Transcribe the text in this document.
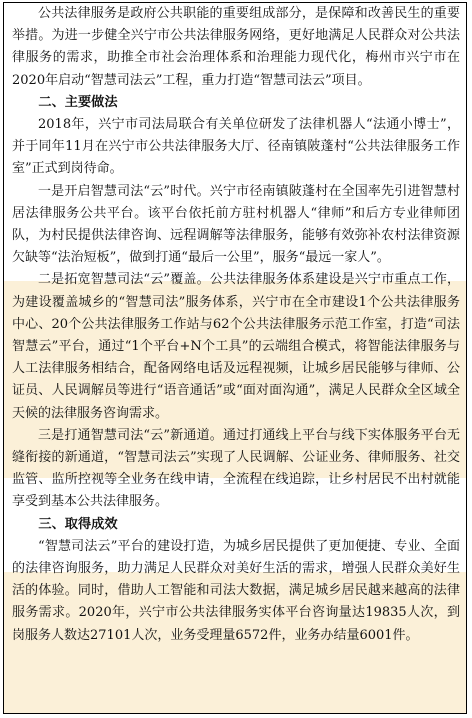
公共法律服务是政府公共职能的重要组成部分，是保障和改善民生的重要举措。为进一步健全兴宁市公共法律服务网络，更好地满足人民群众对公共法律服务的需求，助推全市社会治理体系和治理能力现代化，梅州市兴宁市在2020年启动“智慧司法云”工程，重力打造“智慧司法云”项目。

二、主要做法

2018年，兴宁市司法局联合有关单位研发了法律机器人“法通小博士”，并于同年11月在兴宁市公共法律服务大厅、径南镇陂蓬村“公共法律服务工作室”正式到岗待命。

一是开启智慧司法“云”时代。兴宁市径南镇陂蓬村在全国率先引进智慧村居法律服务公共平台。该平台依托前方驻村机器人“律师”和后方专业律师团队，为村民提供法律咨询、远程调解等法律服务，能够有效弥补农村法律资源欠缺等“法治短板”，做到打通“最后一公里”，服务“最远一家人”。

二是拓宽智慧司法“云”覆盖。公共法律服务体系建设是兴宁市重点工作，为建设覆盖城乡的“智慧司法”服务体系，兴宁市在全市建设1个公共法律服务中心、20个公共法律服务工作站与62个公共法律服务示范工作室，打造“司法智慧云”平台，通过“1个平台+N个工具”的云端组合模式，将智能法律服务与人工法律服务相结合，配备网络电话及远程视频，让城乡居民能够与律师、公证员、人民调解员等进行“语音通话”或“面对面沟通”，满足人民群众全区域全天候的法律服务咨询需求。

三是打通智慧司法“云”新通道。通过打通线上平台与线下实体服务平台无缝衔接的新通道，“智慧司法云”实现了人民调解、公证业务、律师服务、社交监管、监所控视等全业务在线申请，全流程在线追踪，让乡村居民不出村就能享受到基本公共法律服务。

三、取得成效

“智慧司法云”平台的建设打造，为城乡居民提供了更加便捷、专业、全面的法律咨询服务，助力满足人民群众对美好生活的需求，增强人民群众美好生活的体验。同时，借助人工智能和司法大数据，满足城乡居民越来越高的法律服务需求。2020年，兴宁市公共法律服务实体平台咨询量达19835人次，到岗服务人数达27101人次，业务受理量6572件，业务办结量6001件。
